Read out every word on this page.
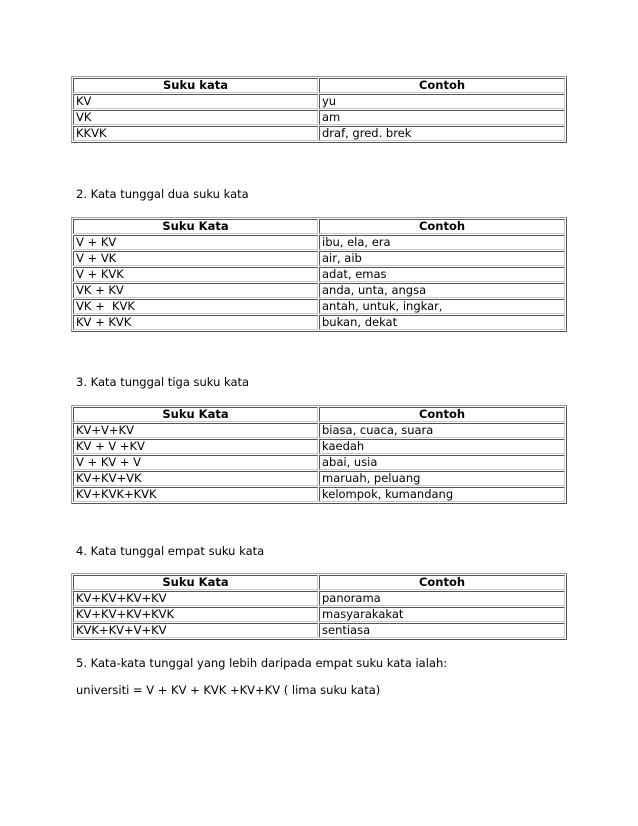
Suku kata	Contoh
KV	yu
VK	am
KKVK	draf, gred. brek
2. Kata tunggal dua suku kata
Suku Kata	Contoh
V + KV	ibu, ela, era
V + VK	air, aib
V + KVK	adat, emas
VK + KV	anda, unta, angsa
VK +  KVK	antah, untuk, ingkar,
KV + KVK	bukan, dekat
3. Kata tunggal tiga suku kata
Suku Kata	Contoh
KV+V+KV	biasa, cuaca, suara
KV + V +KV	kaedah
V + KV + V	abai, usia
KV+KV+VK	maruah, peluang
KV+KVK+KVK	kelompok, kumandang
4. Kata tunggal empat suku kata
Suku Kata	Contoh
KV+KV+KV+KV	panorama
KV+KV+KV+KVK	masyarakakat
KVK+KV+V+KV	sentiasa
5. Kata-kata tunggal yang lebih daripada empat suku kata ialah:
universiti = V + KV + KVK +KV+KV ( lima suku kata)
